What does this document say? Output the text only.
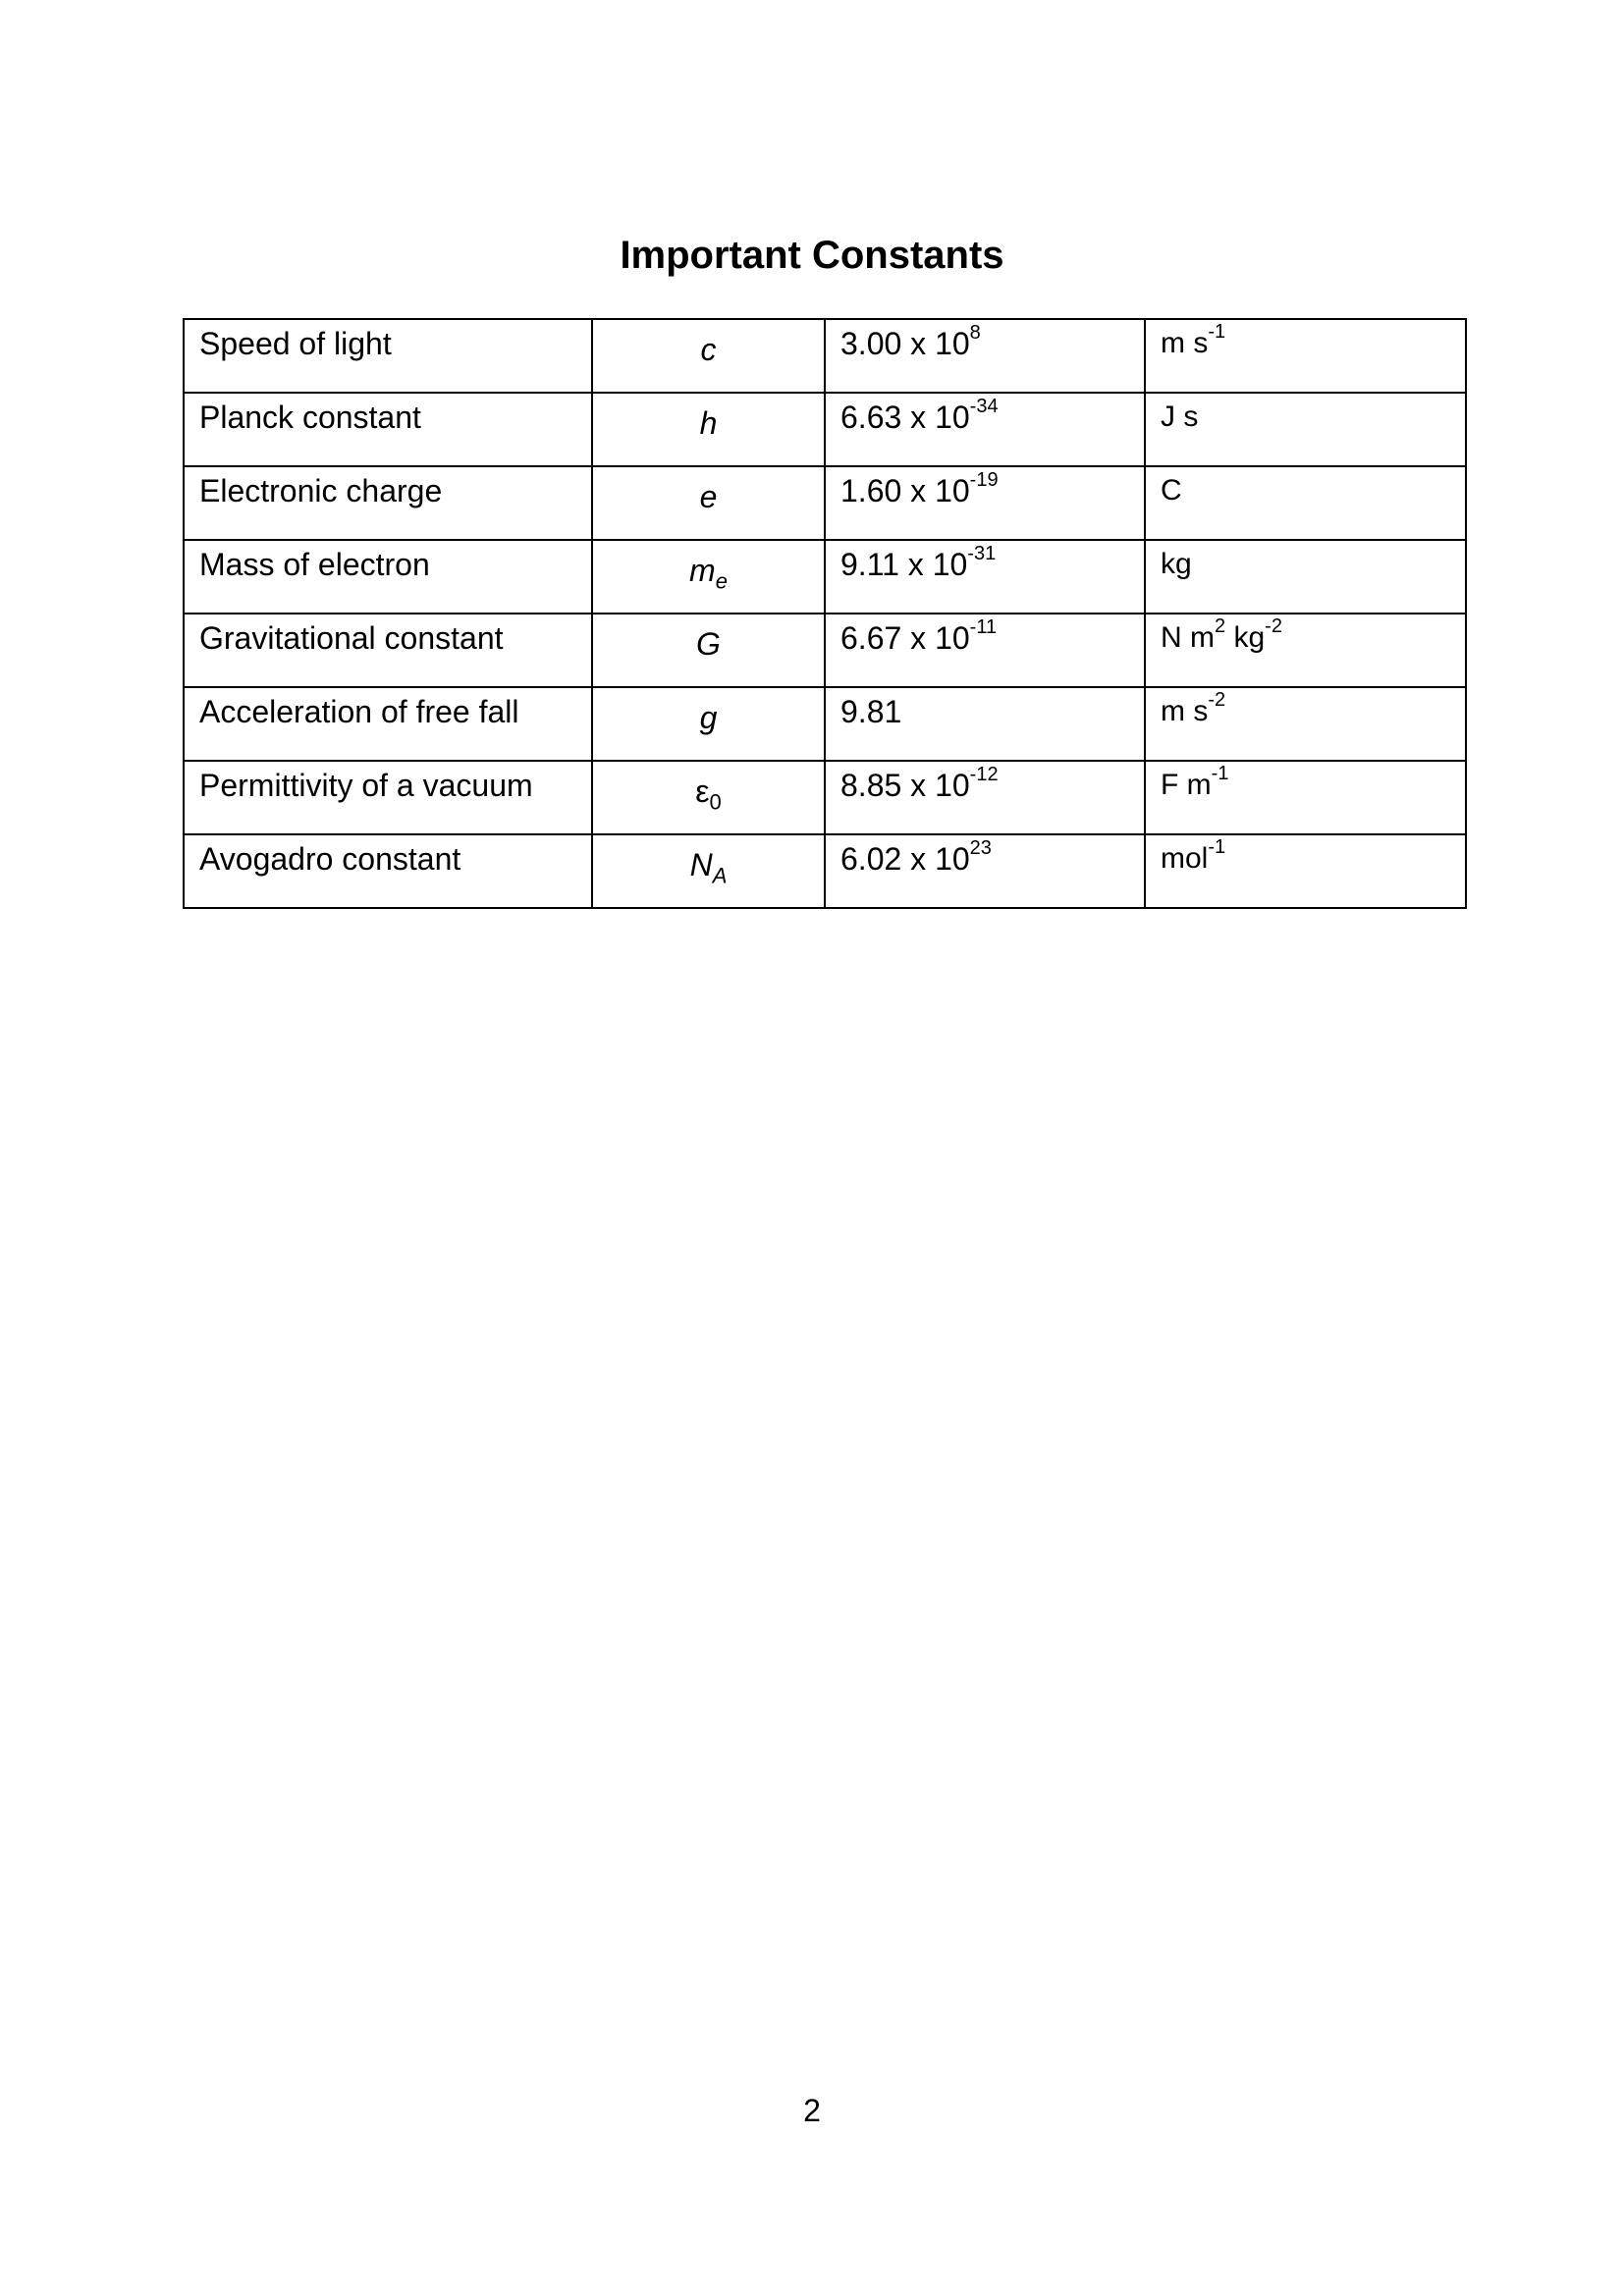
Important Constants
Speed of light	c	3.00 x $10^8$	m $s^{-1}$

Planck constant	h	6.63 x $10^{-34}$	J s

Electronic charge	e	1.60 x $10^{-19}$	C

Mass of electron	$m_e$	9.11 x $10^{-31}$	kg

Gravitational constant	G	6.67 x $10^{-11}$	N $m^2$ $kg^{-2}$

Acceleration of free fall	g	9.81	m $s^{-2}$

Permittivity of a vacuum	$\varepsilon_0$	8.85 x $10^{-12}$	F $m^{-1}$

Avogadro constant	$N_A$	6.02 x $10^{23}$	mol$^{-1}$
2
